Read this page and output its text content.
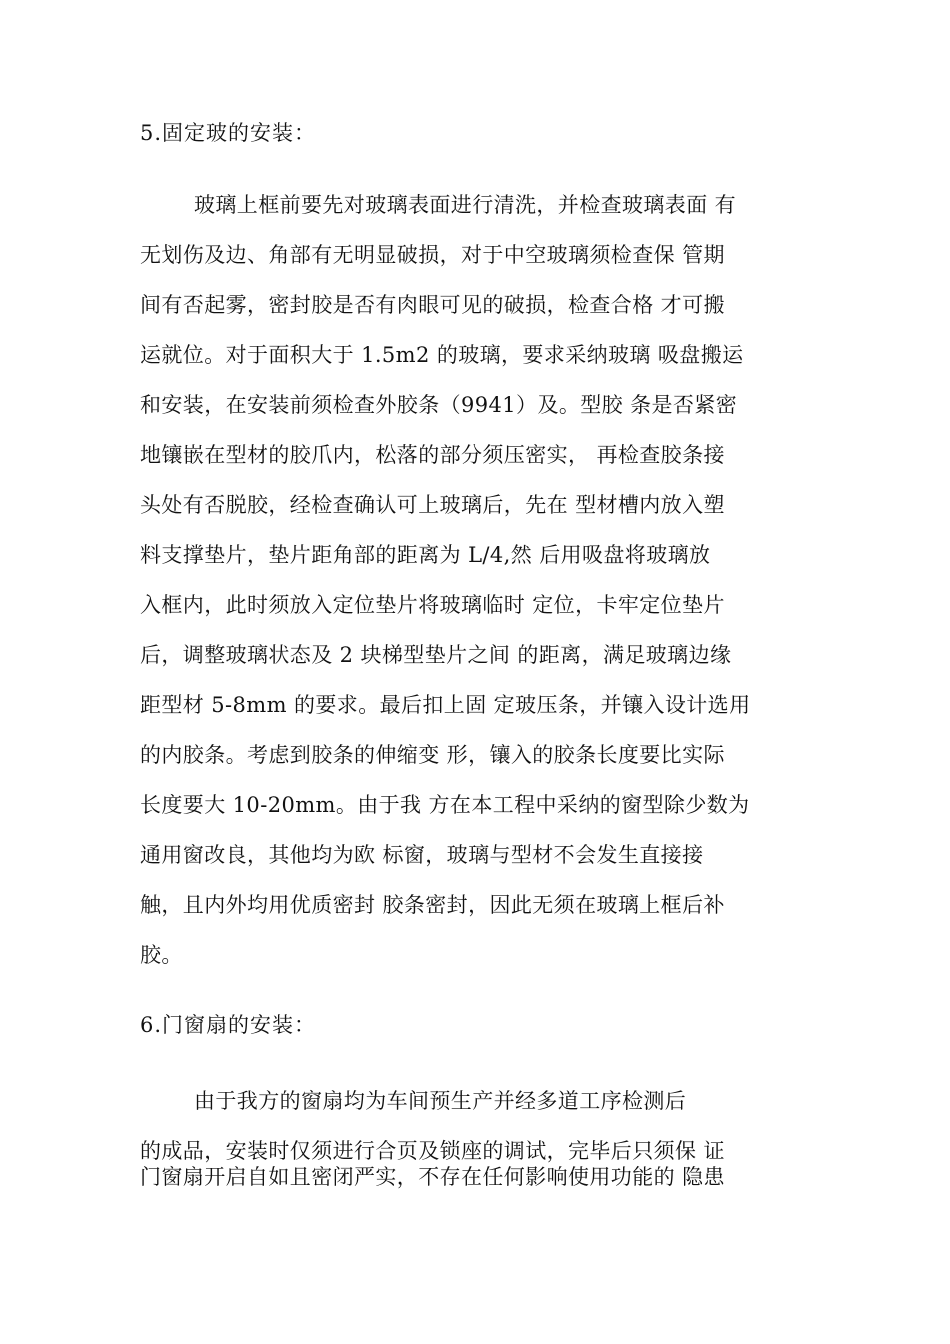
5.固定玻的安装：
玻璃上框前要先对玻璃表面进行清洗，并检查玻璃表面 有
无划伤及边、角部有无明显破损，对于中空玻璃须检查保 管期
间有否起雾，密封胶是否有肉眼可见的破损，检查合格 才可搬
运就位。对于面积大于 1.5m2 的玻璃，要求采纳玻璃 吸盘搬运
和安装，在安装前须检查外胶条（9941）及。型胶 条是否紧密
地镶嵌在型材的胶爪内，松落的部分须压密实， 再检查胶条接
头处有否脱胶，经检查确认可上玻璃后，先在 型材槽内放入塑
料支撑垫片，垫片距角部的距离为 L/4,然 后用吸盘将玻璃放
入框内，此时须放入定位垫片将玻璃临时 定位，卡牢定位垫片
后，调整玻璃状态及 2 块梯型垫片之间 的距离，满足玻璃边缘
距型材 5-8mm 的要求。最后扣上固 定玻压条，并镶入设计选用
的内胶条。考虑到胶条的伸缩变 形，镶入的胶条长度要比实际
长度要大 10-20mm。由于我 方在本工程中采纳的窗型除少数为
通用窗改良，其他均为欧 标窗，玻璃与型材不会发生直接接
触，且内外均用优质密封 胶条密封，因此无须在玻璃上框后补
胶。
6.门窗扇的安装：
由于我方的窗扇均为车间预生产并经多道工序检测后
的成品，安装时仅须进行合页及锁座的调试，完毕后只须保 证
门窗扇开启自如且密闭严实，不存在任何影响使用功能的 隐患
